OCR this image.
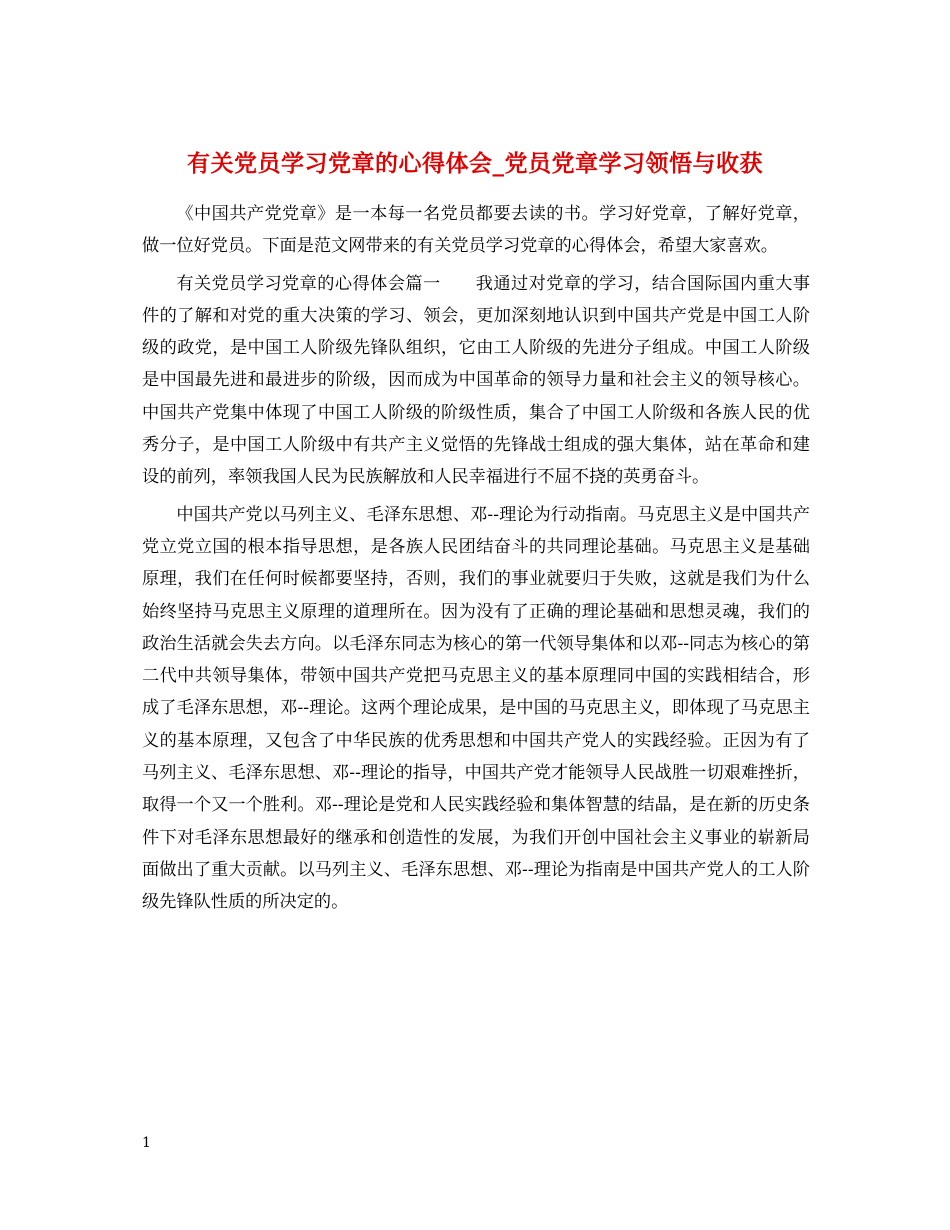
有关党员学习党章的心得体会_党员党章学习领悟与收获

《中国共产党党章》是一本每一名党员都要去读的书。学习好党章，了解好党章，做一位好党员。下面是范文网带来的有关党员学习党章的心得体会，希望大家喜欢。

有关党员学习党章的心得体会篇一　　我通过对党章的学习，结合国际国内重大事件的了解和对党的重大决策的学习、领会，更加深刻地认识到中国共产党是中国工人阶级的政党，是中国工人阶级先锋队组织，它由工人阶级的先进分子组成。中国工人阶级是中国最先进和最进步的阶级，因而成为中国革命的领导力量和社会主义的领导核心。中国共产党集中体现了中国工人阶级的阶级性质，集合了中国工人阶级和各族人民的优秀分子，是中国工人阶级中有共产主义觉悟的先锋战士组成的强大集体，站在革命和建设的前列，率领我国人民为民族解放和人民幸福进行不屈不挠的英勇奋斗。

中国共产党以马列主义、毛泽东思想、邓--理论为行动指南。马克思主义是中国共产党立党立国的根本指导思想，是各族人民团结奋斗的共同理论基础。马克思主义是基础原理，我们在任何时候都要坚持，否则，我们的事业就要归于失败，这就是我们为什么始终坚持马克思主义原理的道理所在。因为没有了正确的理论基础和思想灵魂，我们的政治生活就会失去方向。以毛泽东同志为核心的第一代领导集体和以邓--同志为核心的第二代中共领导集体，带领中国共产党把马克思主义的基本原理同中国的实践相结合，形成了毛泽东思想，邓--理论。这两个理论成果，是中国的马克思主义，即体现了马克思主义的基本原理，又包含了中华民族的优秀思想和中国共产党人的实践经验。正因为有了马列主义、毛泽东思想、邓--理论的指导，中国共产党才能领导人民战胜一切艰难挫折，取得一个又一个胜利。邓--理论是党和人民实践经验和集体智慧的结晶，是在新的历史条件下对毛泽东思想最好的继承和创造性的发展，为我们开创中国社会主义事业的崭新局面做出了重大贡献。以马列主义、毛泽东思想、邓--理论为指南是中国共产党人的工人阶级先锋队性质的所决定的。

1
